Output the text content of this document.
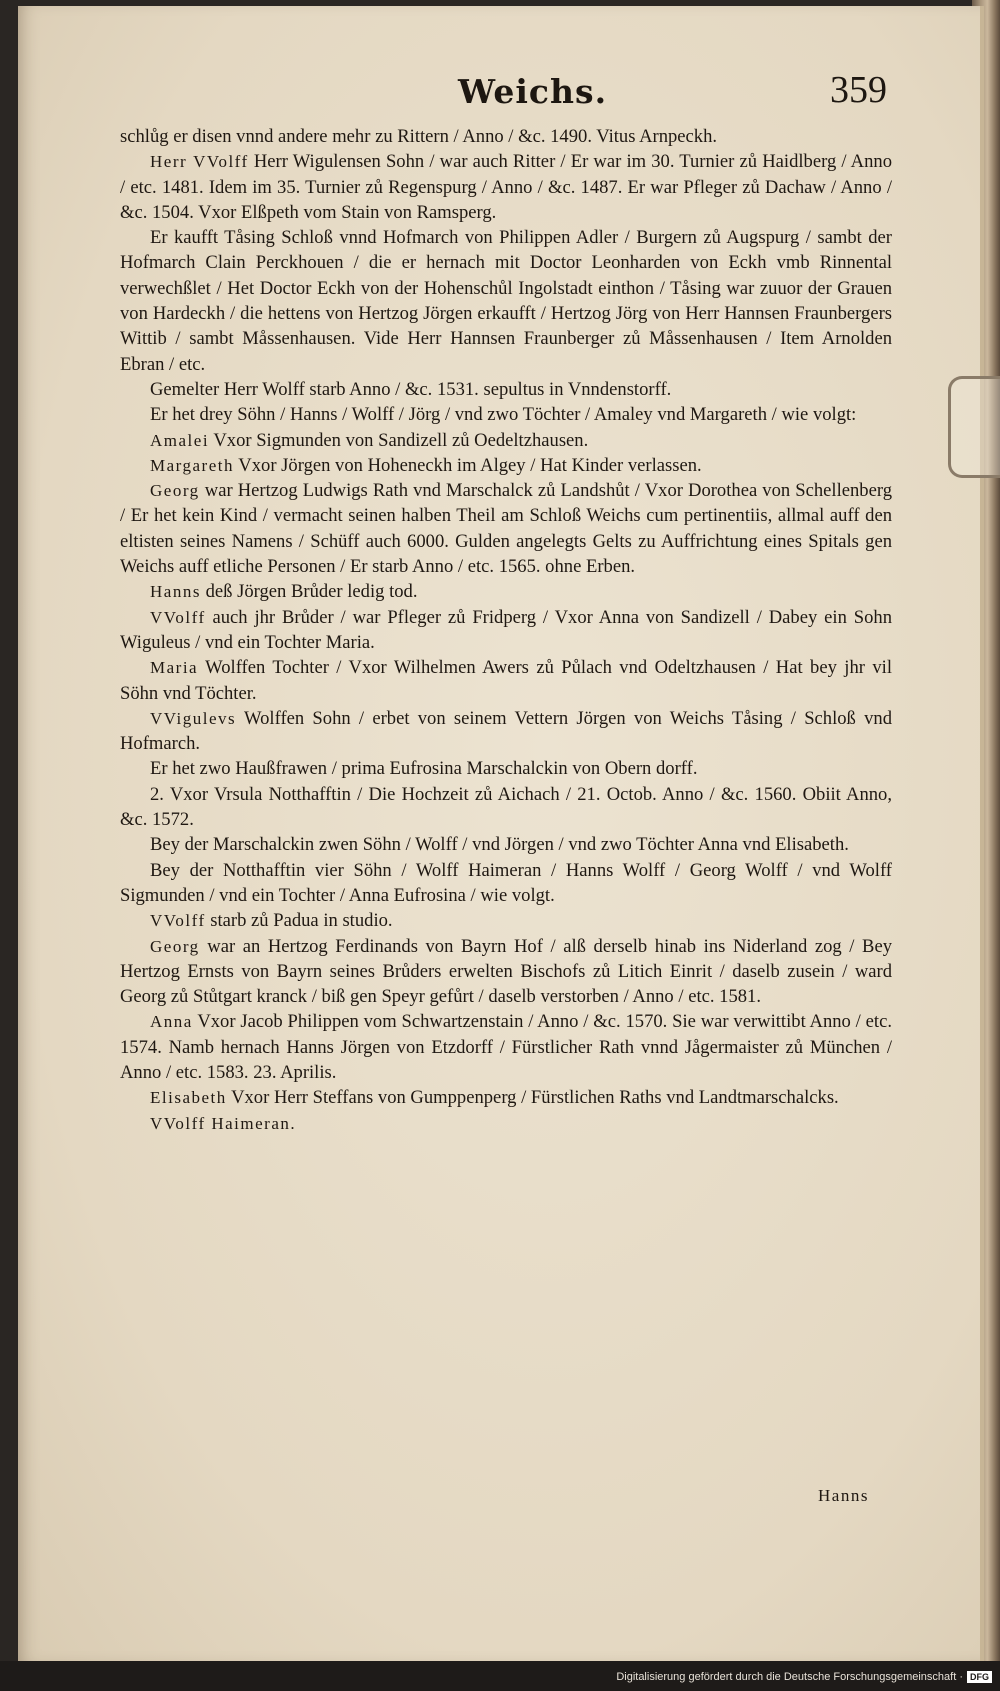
Weichs.	359

schlůg er disen vnnd andere mehr zu Rittern / Anno / &c. 1490. Vitus Arnpeckh.

Herr VVolff Herr Wigulensen Sohn / war auch Ritter / Er war im 30. Turnier zů Haidlberg / Anno / etc. 1481. Idem im 35. Turnier zů Regenspurg / Anno / &c. 1487. Er war Pfleger zů Dachaw / Anno / &c. 1504. Vxor Elßpeth vom Stain von Ramsperg.

Er kaufft Tåsing Schloß vnnd Hofmarch von Philippen Adler / Burgern zů Augspurg / sambt der Hofmarch Clain Perckhouen / die er hernach mit Doctor Leonharden von Eckh vmb Rinnental verwechßlet / Het Doctor Eckh von der Hohenschůl Ingolstadt einthon / Tåsing war zuuor der Grauen von Hardeckh / die hettens von Hertzog Jörgen erkaufft / Hertzog Jörg von Herr Hannsen Fraunbergers Wittib / sambt Måssenhausen. Vide Herr Hannsen Fraunberger zů Måssenhausen / Item Arnolden Ebran / etc.

Gemelter Herr Wolff starb Anno / &c. 1531. sepultus in Vnndenstorff.

Er het drey Söhn / Hanns / Wolff / Jörg / vnd zwo Töchter / Amaley vnd Margareth / wie volgt:

Amalei Vxor Sigmunden von Sandizell zů Oedeltzhausen.

Margareth Vxor Jörgen von Hoheneckh im Algey / Hat Kinder verlassen.

Georg war Hertzog Ludwigs Rath vnd Marschalck zů Landshůt / Vxor Dorothea von Schellenberg / Er het kein Kind / vermacht seinen halben Theil am Schloß Weichs cum pertinentiis, allmal auff den eltisten seines Namens / Schüff auch 6000. Gulden angelegts Gelts zu Auffrichtung eines Spitals gen Weichs auff etliche Personen / Er starb Anno / etc. 1565. ohne Erben.

Hanns deß Jörgen Brůder ledig tod.

VVolff auch jhr Brůder / war Pfleger zů Fridperg / Vxor Anna von Sandizell / Dabey ein Sohn Wiguleus / vnd ein Tochter Maria.

Maria Wolffen Tochter / Vxor Wilhelmen Awers zů Půlach vnd Odeltzhausen / Hat bey jhr vil Söhn vnd Töchter.

VVigulevs Wolffen Sohn / erbet von seinem Vettern Jörgen von Weichs Tåsing / Schloß vnd Hofmarch.

Er het zwo Haußfrawen / prima Eufrosina Marschalckin von Obern dorff.

2. Vxor Vrsula Notthafftin / Die Hochzeit zů Aichach / 21. Octob. Anno / &c. 1560. Obiit Anno, &c. 1572.

Bey der Marschalckin zwen Söhn / Wolff / vnd Jörgen / vnd zwo Töchter Anna vnd Elisabeth.

Bey der Notthafftin vier Söhn / Wolff Haimeran / Hanns Wolff / Georg Wolff / vnd Wolff Sigmunden / vnd ein Tochter / Anna Eufrosina / wie volgt.

VVolff starb zů Padua in studio.

Georg war an Hertzog Ferdinands von Bayrn Hof / alß derselb hinab ins Niderland zog / Bey Hertzog Ernsts von Bayrn seines Brůders erwelten Bischofs zů Litich Einrit / daselb zusein / ward Georg zů Stůtgart kranck / biß gen Speyr gefůrt / daselb verstorben / Anno / etc. 1581.

Anna Vxor Jacob Philippen vom Schwartzenstain / Anno / &c. 1570. Sie war verwittibt Anno / etc. 1574. Namb hernach Hanns Jörgen von Etzdorff / Fürstlicher Rath vnnd Jågermaister zů München / Anno / etc. 1583. 23. Aprilis.

Elisabeth Vxor Herr Steffans von Gumppenperg / Fürstlichen Raths vnd Landtmarschalcks.

VVolff Haimeran.

Hanns
Digitalisierung gefördert durch die Deutsche Forschungsgemeinschaft · DFG
